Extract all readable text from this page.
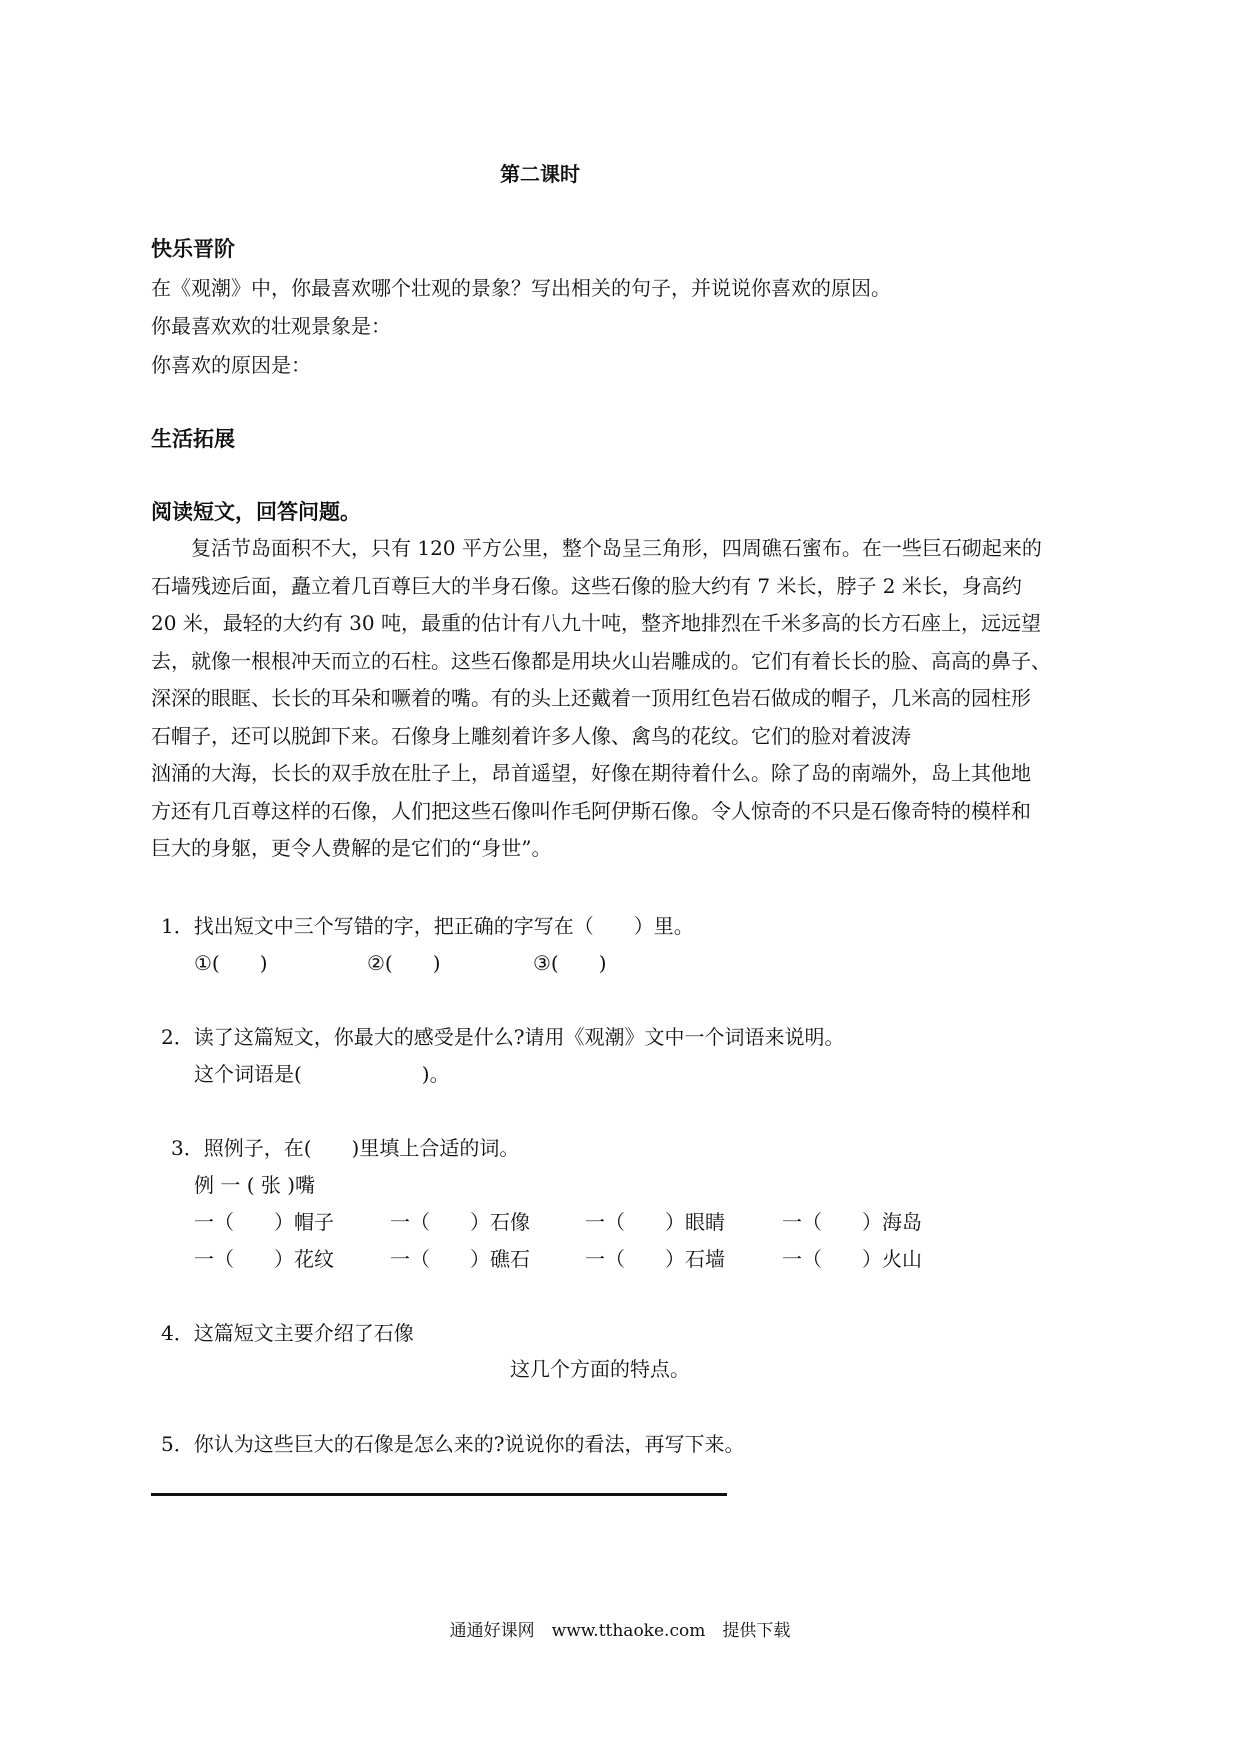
第二课时
快乐晋阶
在《观潮》中，你最喜欢哪个壮观的景象？写出相关的句子，并说说你喜欢的原因。
你最喜欢欢的壮观景象是：
你喜欢的原因是：
生活拓展
阅读短文，回答问题。
　　复活节岛面积不大，只有 120 平方公里，整个岛呈三角形，四周礁石蜜布。在一些巨石砌起来的
石墙残迹后面，矗立着几百尊巨大的半身石像。这些石像的脸大约有 7 米长，脖子 2 米长，身高约
20 米，最轻的大约有 30 吨，最重的估计有八九十吨，整齐地排烈在千米多高的长方石座上，远远望
去，就像一根根冲天而立的石柱。这些石像都是用块火山岩雕成的。它们有着长长的脸、高高的鼻子、
深深的眼眶、长长的耳朵和噘着的嘴。有的头上还戴着一顶用红色岩石做成的帽子，几米高的园柱形
石帽子，还可以脱卸下来。石像身上雕刻着许多人像、禽鸟的花纹。它们的脸对着波涛
汹涌的大海，长长的双手放在肚子上，昂首遥望，好像在期待着什么。除了岛的南端外，岛上其他地
方还有几百尊这样的石像，人们把这些石像叫作毛阿伊斯石像。令人惊奇的不只是石像奇特的模样和
巨大的身躯，更令人费解的是它们的“身世”。
1．找出短文中三个写错的字，把正确的字写在（　　）里。
①(　　)	②(　　)	③(　　)
2．读了这篇短文，你最大的感受是什么?请用《观潮》文中一个词语来说明。
这个词语是(　　　　　　)。
3．照例子，在(　　)里填上合适的词。
例 一 ( 张 )嘴
一（　　）帽子	一（　　）石像	一（　　）眼睛	一（　　）海岛
一（　　）花纹	一（　　）礁石	一（　　）石墙	一（　　）火山
4．这篇短文主要介绍了石像
这几个方面的特点。
5．你认为这些巨大的石像是怎么来的?说说你的看法，再写下来。
通通好课网　www.tthaoke.com　提供下载
